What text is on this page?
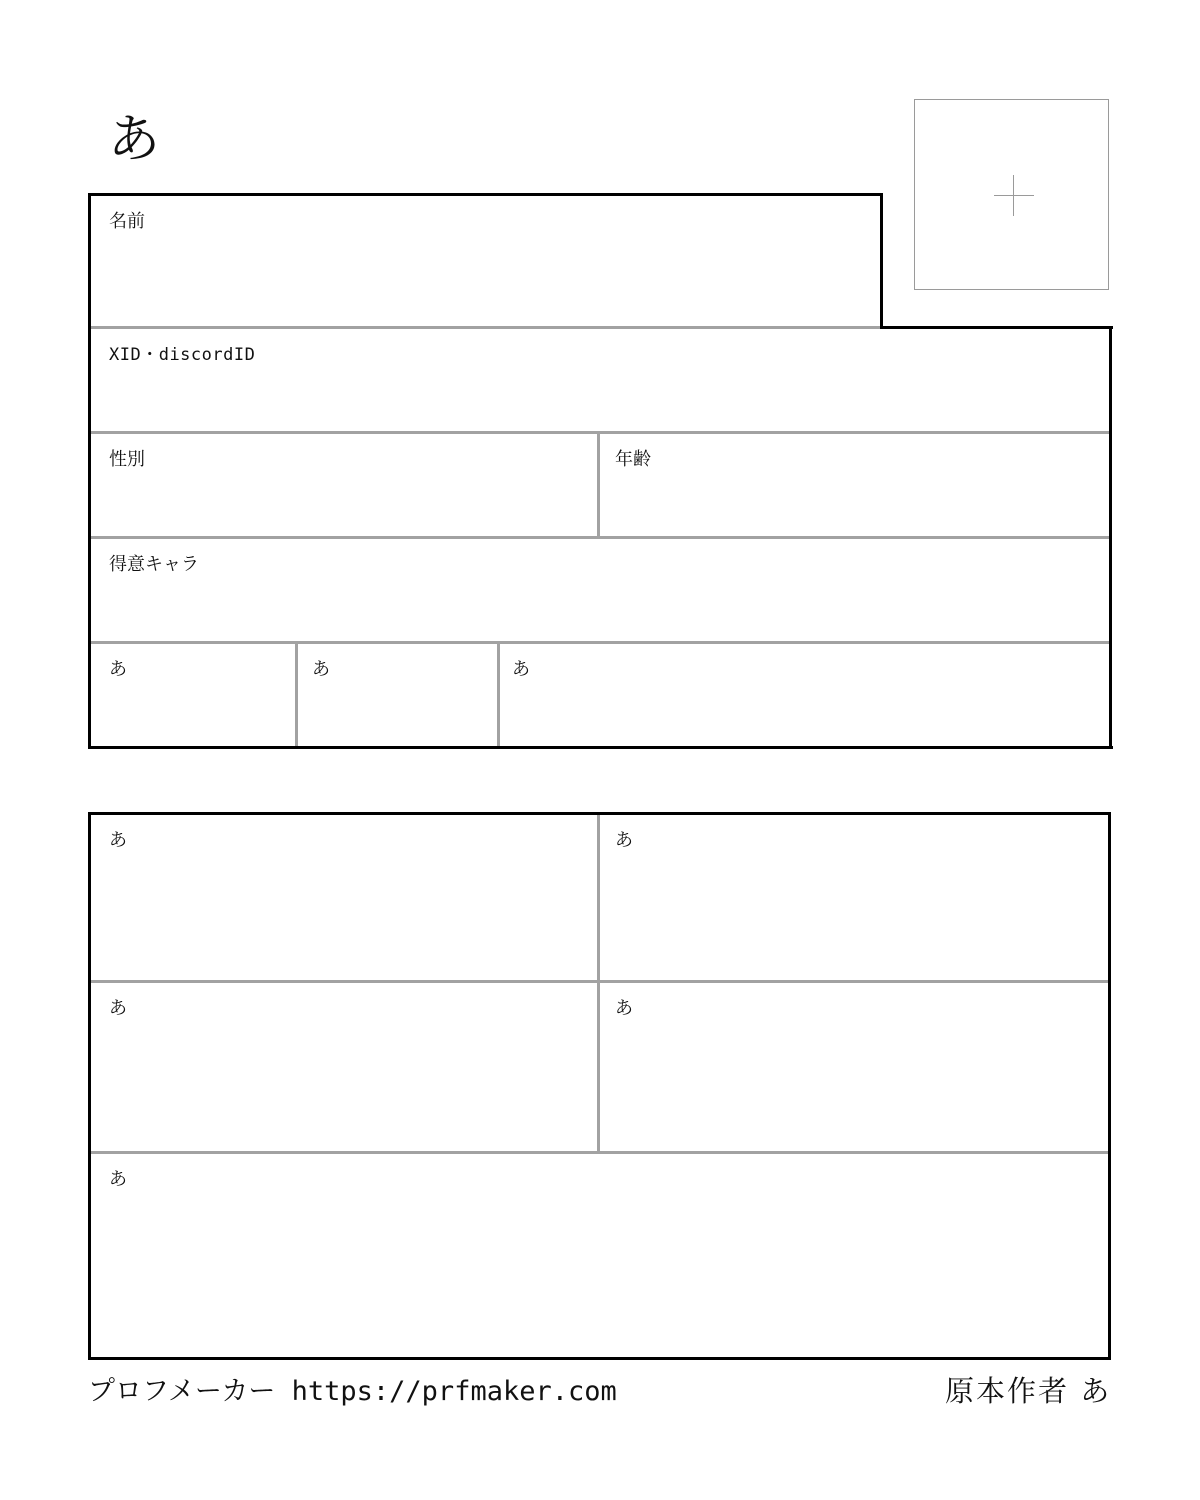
あ
名前
XID・discordID
性別	年齢
得意キャラ
あ	あ	あ
あ	あ
あ	あ
あ
プロフメーカー https://prfmaker.com	原本作者 あ
